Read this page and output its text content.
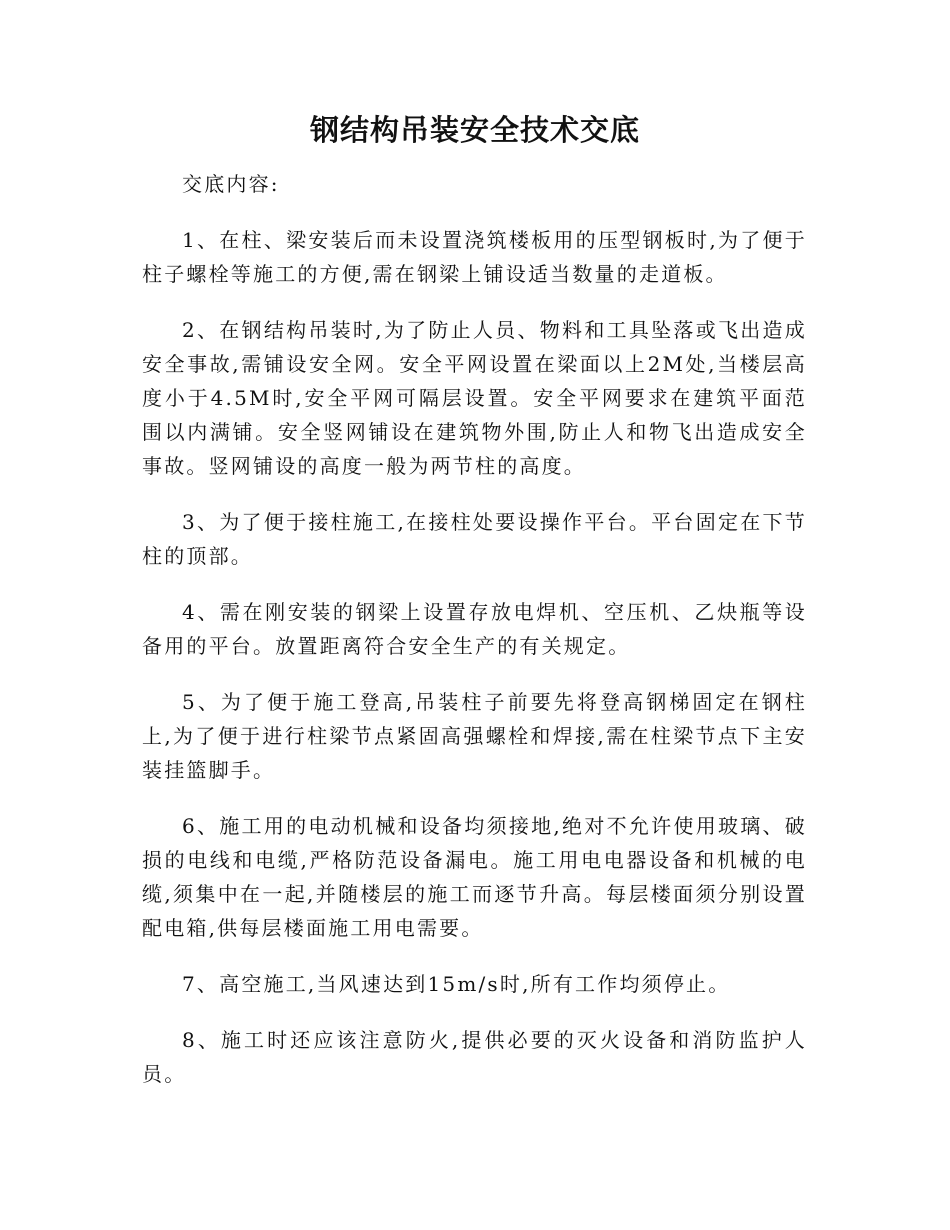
钢结构吊装安全技术交底

交底内容:

1、在柱、梁安装后而未设置浇筑楼板用的压型钢板时,为了便于柱子螺栓等施工的方便,需在钢梁上铺设适当数量的走道板。

2、在钢结构吊装时,为了防止人员、物料和工具坠落或飞出造成安全事故,需铺设安全网。安全平网设置在梁面以上2M处,当楼层高度小于4.5M时,安全平网可隔层设置。安全平网要求在建筑平面范围以内满铺。安全竖网铺设在建筑物外围,防止人和物飞出造成安全事故。竖网铺设的高度一般为两节柱的高度。

3、为了便于接柱施工,在接柱处要设操作平台。平台固定在下节柱的顶部。

4、需在刚安装的钢梁上设置存放电焊机、空压机、乙炔瓶等设备用的平台。放置距离符合安全生产的有关规定。

5、为了便于施工登高,吊装柱子前要先将登高钢梯固定在钢柱上,为了便于进行柱梁节点紧固高强螺栓和焊接,需在柱梁节点下主安装挂篮脚手。

6、施工用的电动机械和设备均须接地,绝对不允许使用玻璃、破损的电线和电缆,严格防范设备漏电。施工用电电器设备和机械的电缆,须集中在一起,并随楼层的施工而逐节升高。每层楼面须分别设置配电箱,供每层楼面施工用电需要。

7、高空施工,当风速达到15m/s时,所有工作均须停止。

8、施工时还应该注意防火,提供必要的灭火设备和消防监护人员。
